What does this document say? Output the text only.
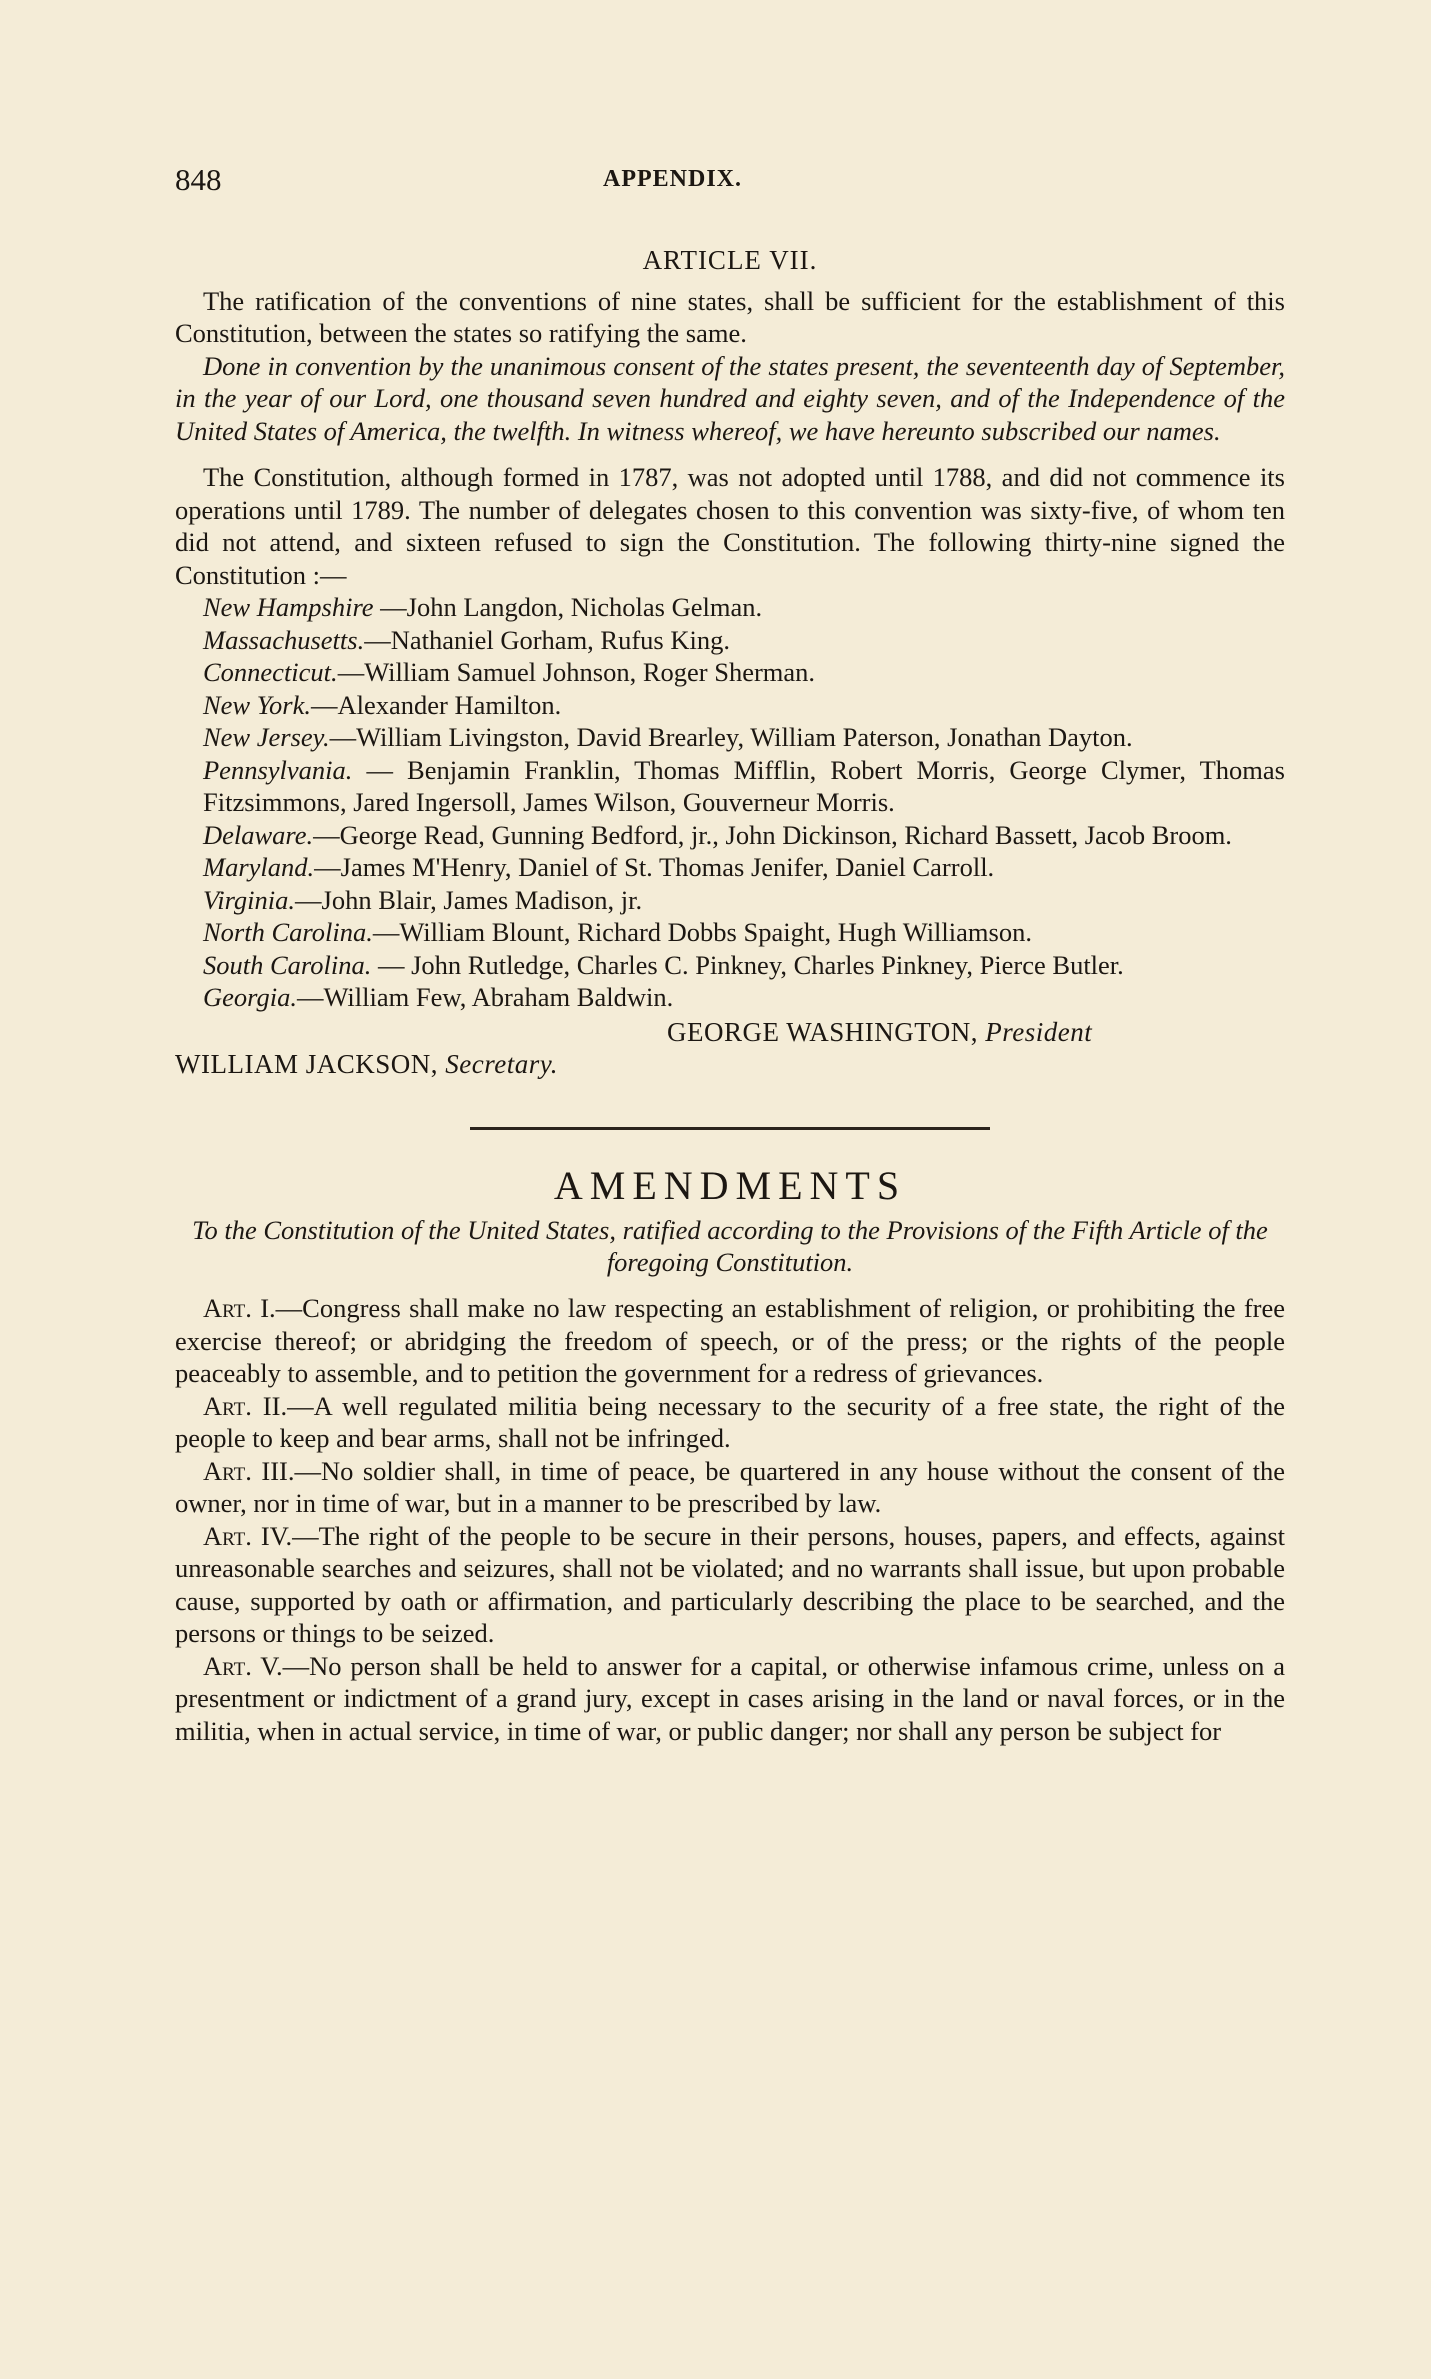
848	APPENDIX.
ARTICLE VII.

The ratification of the conventions of nine states, shall be sufficient for the establishment of this Constitution, between the states so ratifying the same.

Done in convention by the unanimous consent of the states present, the seventeenth day of September, in the year of our Lord, one thousand seven hundred and eighty seven, and of the Independence of the United States of America, the twelfth. In witness whereof, we have hereunto subscribed our names.

The Constitution, although formed in 1787, was not adopted until 1788, and did not commence its operations until 1789. The number of delegates chosen to this convention was sixty-five, of whom ten did not attend, and sixteen refused to sign the Constitution. The following thirty-nine signed the Constitution :—

New Hampshire —John Langdon, Nicholas Gelman.

Massachusetts.—Nathaniel Gorham, Rufus King.

Connecticut.—William Samuel Johnson, Roger Sherman.

New York.—Alexander Hamilton.

New Jersey.—William Livingston, David Brearley, William Paterson, Jonathan Dayton.

Pennsylvania. — Benjamin Franklin, Thomas Mifflin, Robert Morris, George Clymer, Thomas Fitzsimmons, Jared Ingersoll, James Wilson, Gouverneur Morris.

Delaware.—George Read, Gunning Bedford, jr., John Dickinson, Richard Bassett, Jacob Broom.

Maryland.—James M'Henry, Daniel of St. Thomas Jenifer, Daniel Carroll.

Virginia.—John Blair, James Madison, jr.

North Carolina.—William Blount, Richard Dobbs Spaight, Hugh Williamson.

South Carolina. — John Rutledge, Charles C. Pinkney, Charles Pinkney, Pierce Butler.

Georgia.—William Few, Abraham Baldwin.

GEORGE WASHINGTON, President
WILLIAM JACKSON, Secretary.
AMENDMENTS
To the Constitution of the United States, ratified according to the Provisions of the Fifth Article of the foregoing Constitution.

Art. I.—Congress shall make no law respecting an establishment of religion, or prohibiting the free exercise thereof; or abridging the freedom of speech, or of the press; or the rights of the people peaceably to assemble, and to petition the government for a redress of grievances.

Art. II.—A well regulated militia being necessary to the security of a free state, the right of the people to keep and bear arms, shall not be infringed.

Art. III.—No soldier shall, in time of peace, be quartered in any house without the consent of the owner, nor in time of war, but in a manner to be prescribed by law.

Art. IV.—The right of the people to be secure in their persons, houses, papers, and effects, against unreasonable searches and seizures, shall not be violated; and no warrants shall issue, but upon probable cause, supported by oath or affirmation, and particularly describing the place to be searched, and the persons or things to be seized.

Art. V.—No person shall be held to answer for a capital, or otherwise infamous crime, unless on a presentment or indictment of a grand jury, except in cases arising in the land or naval forces, or in the militia, when in actual service, in time of war, or public danger; nor shall any person be subject for
